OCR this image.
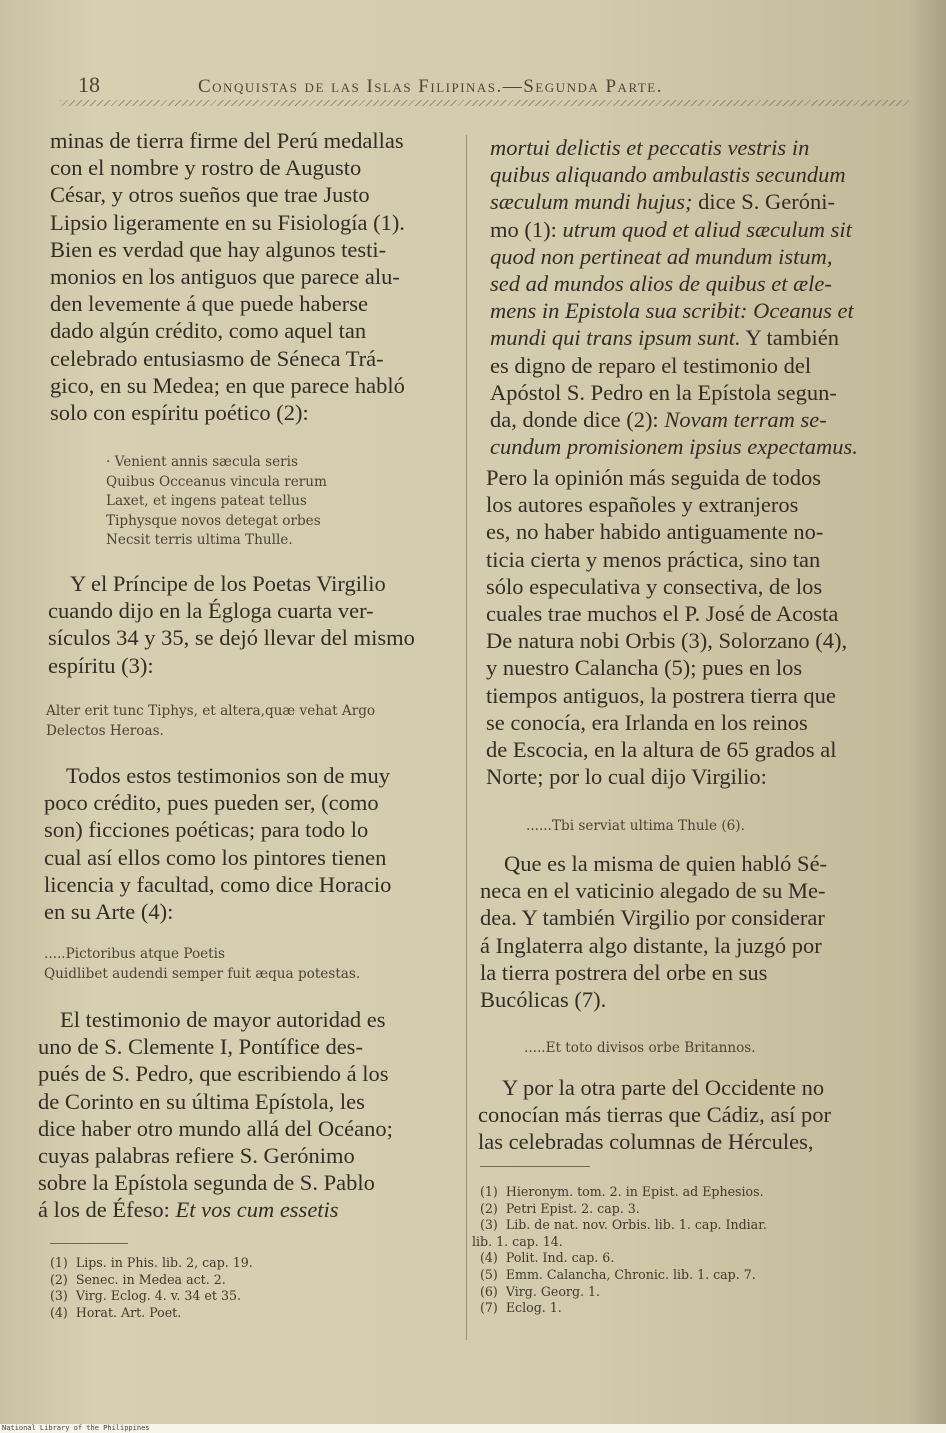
18	Conquistas de las Islas Filipinas.—Segunda Parte.

minas de tierra firme del Perú medallas

con el nombre y rostro de Augusto

César, y otros sueños que trae Justo

Lipsio ligeramente en su Fisiología (1).

Bien es verdad que hay algunos testi-

monios en los antiguos que parece alu-

den levemente á que puede haberse

dado algún crédito, como aquel tan

celebrado entusiasmo de Séneca Trá-

gico, en su Medea; en que parece habló

solo con espíritu poético (2):

· Venient annis sæcula seris

Quibus Occeanus vincula rerum

Laxet, et ingens pateat tellus

Tiphysque novos detegat orbes

Necsit terris ultima Thulle.

Y el Príncipe de los Poetas Virgilio

cuando dijo en la Égloga cuarta ver-

sículos 34 y 35, se dejó llevar del mismo

espíritu (3):

Alter erit tunc Tiphys, et altera,quæ vehat Argo

Delectos Heroas.

Todos estos testimonios son de muy

poco crédito, pues pueden ser, (como

son) ficciones poéticas; para todo lo

cual así ellos como los pintores tienen

licencia y facultad, como dice Horacio

en su Arte (4):

.....Pictoribus atque Poetis

Quidlibet audendi semper fuit æqua potestas.

El testimonio de mayor autoridad es

uno de S. Clemente I, Pontífice des-

pués de S. Pedro, que escribiendo á los

de Corinto en su última Epístola, les

dice haber otro mundo allá del Océano;

cuyas palabras refiere S. Gerónimo

sobre la Epístola segunda de S. Pablo

á los de Éfeso: Et vos cum essetis

(1)  Lips. in Phis. lib. 2, cap. 19.

(2)  Senec. in Medea act. 2.

(3)  Virg. Eclog. 4. v. 34 et 35.

(4)  Horat. Art. Poet.

mortui delictis et peccatis vestris in

quibus aliquando ambulastis secundum

sæculum mundi hujus; dice S. Geróni-

mo (1): utrum quod et aliud sæculum sit

quod non pertineat ad mundum istum,

sed ad mundos alios de quibus et æle-

mens in Epistola sua scribit: Oceanus et

mundi qui trans ipsum sunt. Y también

es digno de reparo el testimonio del

Apóstol S. Pedro en la Epístola segun-

da, donde dice (2): Novam terram se-

cundum promisionem ipsius expectamus.

Pero la opinión más seguida de todos

los autores españoles y extranjeros

es, no haber habido antiguamente no-

ticia cierta y menos práctica, sino tan

sólo especulativa y consectiva, de los

cuales trae muchos el P. José de Acosta

De natura nobi Orbis (3), Solorzano (4),

y nuestro Calancha (5); pues en los

tiempos antiguos, la postrera tierra que

se conocía, era Irlanda en los reinos

de Escocia, en la altura de 65 grados al

Norte; por lo cual dijo Virgilio:

......Tbi serviat ultima Thule (6).

Que es la misma de quien habló Sé-

neca en el vaticinio alegado de su Me-

dea. Y también Virgilio por considerar

á Inglaterra algo distante, la juzgó por

la tierra postrera del orbe en sus

Bucólicas (7).

.....Et toto divisos orbe Britannos.

Y por la otra parte del Occidente no

conocían más tierras que Cádiz, así por

las celebradas columnas de Hércules,

(1)  Hieronym. tom. 2. in Epist. ad Ephesios.

(2)  Petri Epist. 2. cap. 3.

(3)  Lib. de nat. nov. Orbis. lib. 1. cap. Indiar.

lib. 1. cap. 14.

(4)  Polit. Ind. cap. 6.

(5)  Emm. Calancha, Chronic. lib. 1. cap. 7.

(6)  Virg. Georg. 1.

(7)  Eclog. 1.

National Library of the Philippines
